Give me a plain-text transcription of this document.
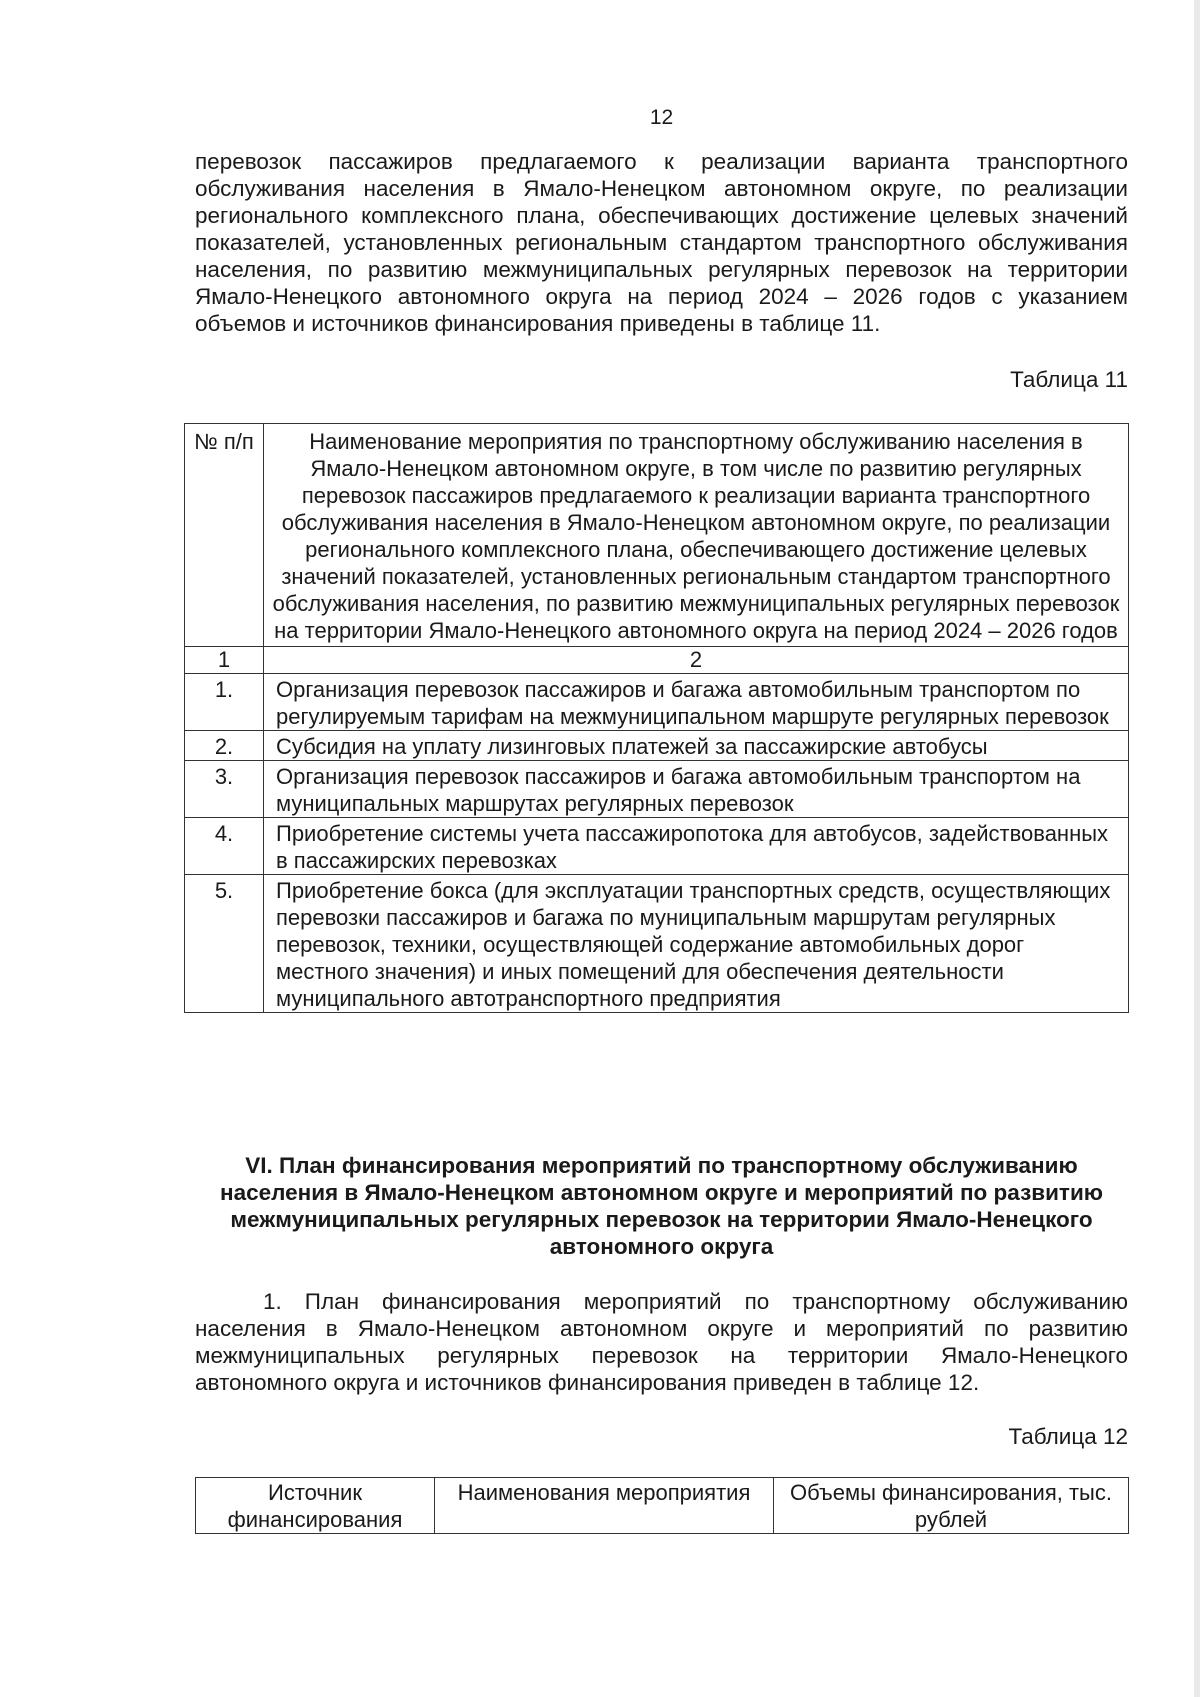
12

перевозок пассажиров предлагаемого к реализации варианта транспортного обслуживания населения в Ямало-Ненецком автономном округе, по реализации регионального комплексного плана, обеспечивающих достижение целевых значений показателей, установленных региональным стандартом транспортного обслуживания населения, по развитию межмуниципальных регулярных перевозок на территории Ямало-Ненецкого автономного округа на период 2024 – 2026 годов с указанием объемов и источников финансирования приведены в таблице 11.

Таблица 11
№ п/п	Наименование мероприятия по транспортному обслуживанию населения в Ямало-Ненецком автономном округе, в том числе по развитию регулярных перевозок пассажиров предлагаемого к реализации варианта транспортного обслуживания населения в Ямало-Ненецком автономном округе, по реализации регионального комплексного плана, обеспечивающего достижение целевых значений показателей, установленных региональным стандартом транспортного обслуживания населения, по развитию межмуниципальных регулярных перевозок на территории Ямало-Ненецкого автономного округа на период 2024 – 2026 годов
1	2
1.	Организация перевозок пассажиров и багажа автомобильным транспортом по регулируемым тарифам на межмуниципальном маршруте регулярных перевозок
2.	Субсидия на уплату лизинговых платежей за пассажирские автобусы
3.	Организация перевозок пассажиров и багажа автомобильным транспортом на муниципальных маршрутах регулярных перевозок
4.	Приобретение системы учета пассажиропотока для автобусов, задействованных в пассажирских перевозках
5.	Приобретение бокса (для эксплуатации транспортных средств, осуществляющих перевозки пассажиров и багажа по муниципальным маршрутам регулярных перевозок, техники, осуществляющей содержание автомобильных дорог местного значения) и иных помещений для обеспечения деятельности муниципального автотранспортного предприятия
VI. План финансирования мероприятий по транспортному обслуживанию населения в Ямало-Ненецком автономном округе и мероприятий по развитию межмуниципальных регулярных перевозок на территории Ямало-Ненецкого автономного округа

1. План финансирования мероприятий по транспортному обслуживанию населения в Ямало-Ненецком автономном округе и мероприятий по развитию межмуниципальных регулярных перевозок на территории Ямало-Ненецкого автономного округа и источников финансирования приведен в таблице 12.

Таблица 12
Источник финансирования	Наименования мероприятия	Объемы финансирования, тыс. рублей
